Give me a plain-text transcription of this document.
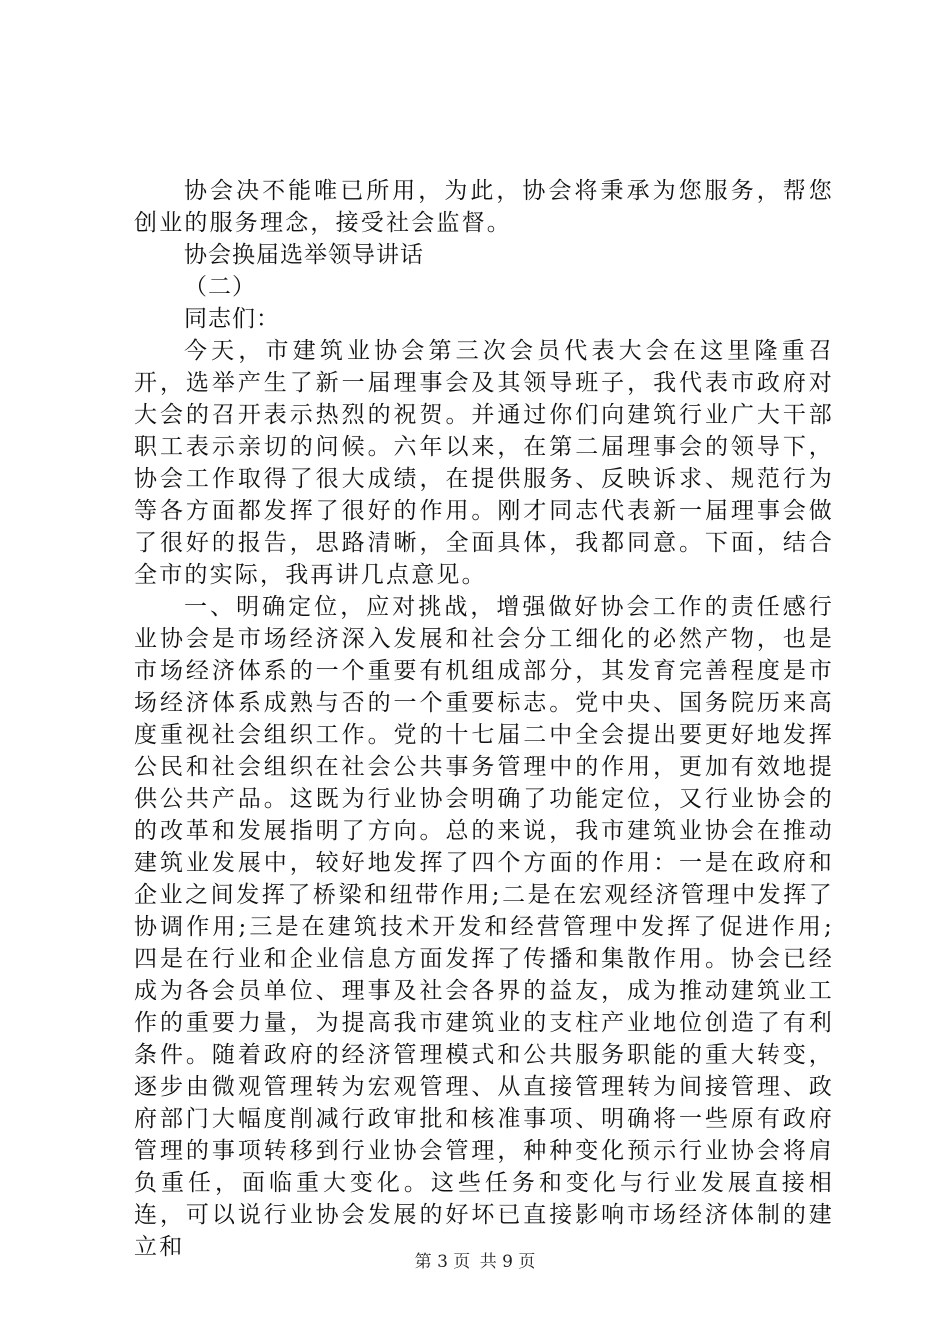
协会决不能唯已所用，为此，协会将秉承为您服务，帮您创业的服务理念，接受社会监督。

协会换届选举领导讲话

（二）

同志们：

今天，市建筑业协会第三次会员代表大会在这里隆重召开，选举产生了新一届理事会及其领导班子，我代表市政府对大会的召开表示热烈的祝贺。并通过你们向建筑行业广大干部职工表示亲切的问候。六年以来，在第二届理事会的领导下，协会工作取得了很大成绩，在提供服务、反映诉求、规范行为等各方面都发挥了很好的作用。刚才同志代表新一届理事会做了很好的报告，思路清晰，全面具体，我都同意。下面，结合全市的实际，我再讲几点意见。

一、明确定位，应对挑战，增强做好协会工作的责任感行业协会是市场经济深入发展和社会分工细化的必然产物，也是市场经济体系的一个重要有机组成部分，其发育完善程度是市场经济体系成熟与否的一个重要标志。党中央、国务院历来高度重视社会组织工作。党的十七届二中全会提出要更好地发挥公民和社会组织在社会公共事务管理中的作用，更加有效地提供公共产品。这既为行业协会明确了功能定位，又行业协会的的改革和发展指明了方向。总的来说，我市建筑业协会在推动建筑业发展中，较好地发挥了四个方面的作用：一是在政府和企业之间发挥了桥梁和纽带作用;二是在宏观经济管理中发挥了协调作用;三是在建筑技术开发和经营管理中发挥了促进作用;四是在行业和企业信息方面发挥了传播和集散作用。协会已经成为各会员单位、理事及社会各界的益友，成为推动建筑业工作的重要力量，为提高我市建筑业的支柱产业地位创造了有利条件。随着政府的经济管理模式和公共服务职能的重大转变，逐步由微观管理转为宏观管理、从直接管理转为间接管理、政府部门大幅度削减行政审批和核准事项、明确将一些原有政府管理的事项转移到行业协会管理，种种变化预示行业协会将肩负重任，面临重大变化。这些任务和变化与行业发展直接相连，可以说行业协会发展的好坏已直接影响市场经济体制的建立和

第 3 页 共 9 页
